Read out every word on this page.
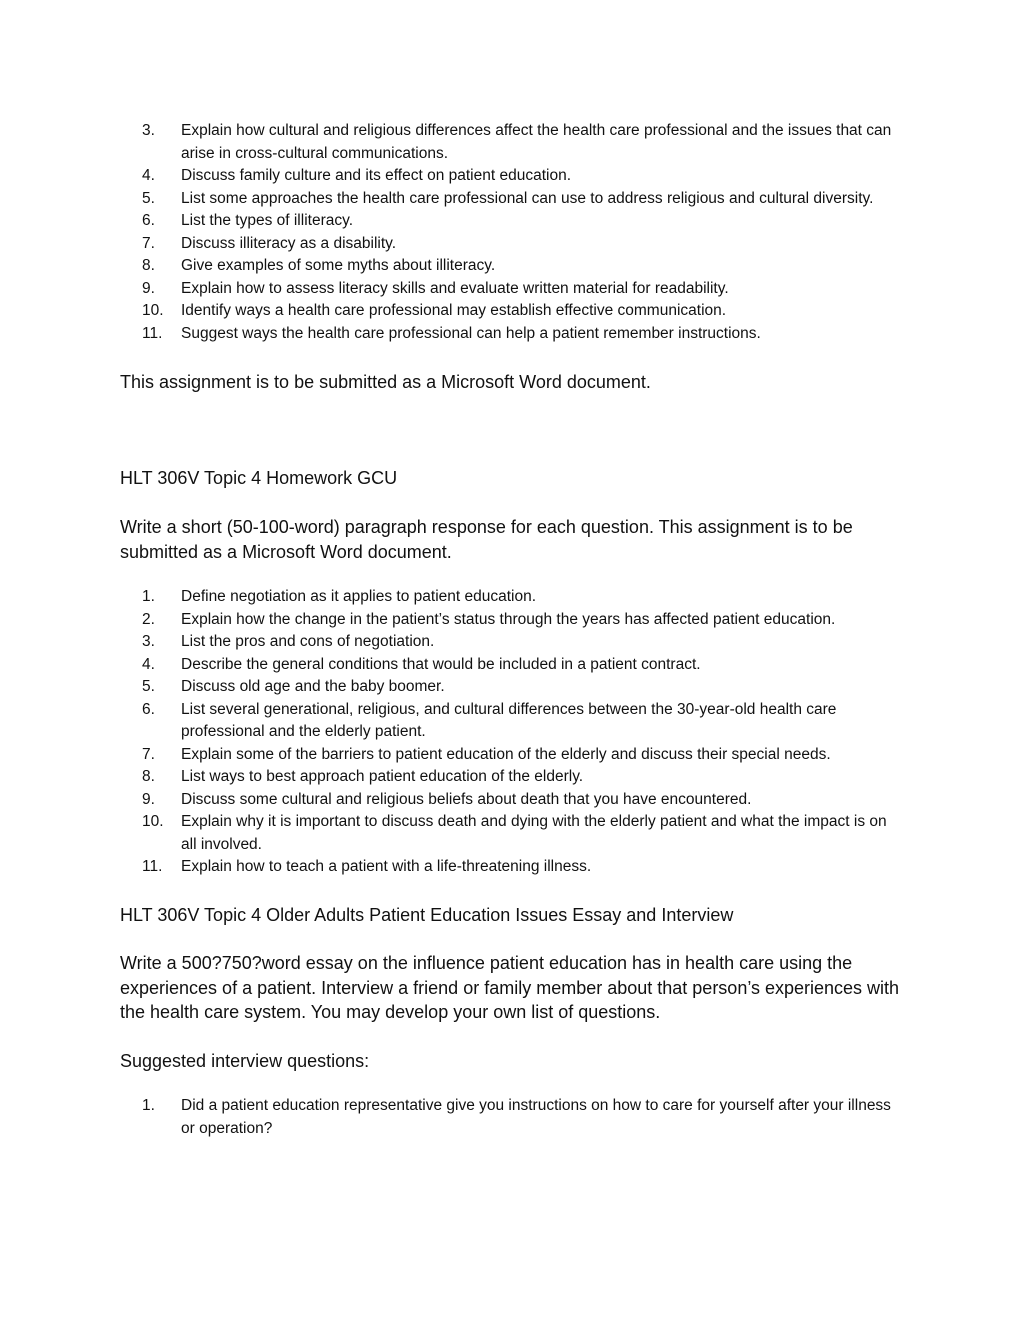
3.	Explain how cultural and religious differences affect the health care professional and the issues that can arise in cross-cultural communications.
4.	Discuss family culture and its effect on patient education.
5.	List some approaches the health care professional can use to address religious and cultural diversity.
6.	List the types of illiteracy.
7.	Discuss illiteracy as a disability.
8.	Give examples of some myths about illiteracy.
9.	Explain how to assess literacy skills and evaluate written material for readability.
10.	Identify ways a health care professional may establish effective communication.
11.	Suggest ways the health care professional can help a patient remember instructions.

This assignment is to be submitted as a Microsoft Word document.

HLT 306V Topic 4 Homework GCU

Write a short (50-100-word) paragraph response for each question. This assignment is to be submitted as a Microsoft Word document.

1.	Define negotiation as it applies to patient education.
2.	Explain how the change in the patient’s status through the years has affected patient education.
3.	List the pros and cons of negotiation.
4.	Describe the general conditions that would be included in a patient contract.
5.	Discuss old age and the baby boomer.
6.	List several generational, religious, and cultural differences between the 30-year-old health care professional and the elderly patient.
7.	Explain some of the barriers to patient education of the elderly and discuss their special needs.
8.	List ways to best approach patient education of the elderly.
9.	Discuss some cultural and religious beliefs about death that you have encountered.
10.	Explain why it is important to discuss death and dying with the elderly patient and what the impact is on all involved.
11.	Explain how to teach a patient with a life-threatening illness.

HLT 306V Topic 4 Older Adults Patient Education Issues Essay and Interview

Write a 500?750?word essay on the influence patient education has in health care using the experiences of a patient. Interview a friend or family member about that person’s experiences with the health care system. You may develop your own list of questions.

Suggested interview questions:

1.	Did a patient education representative give you instructions on how to care for yourself after your illness or operation?
